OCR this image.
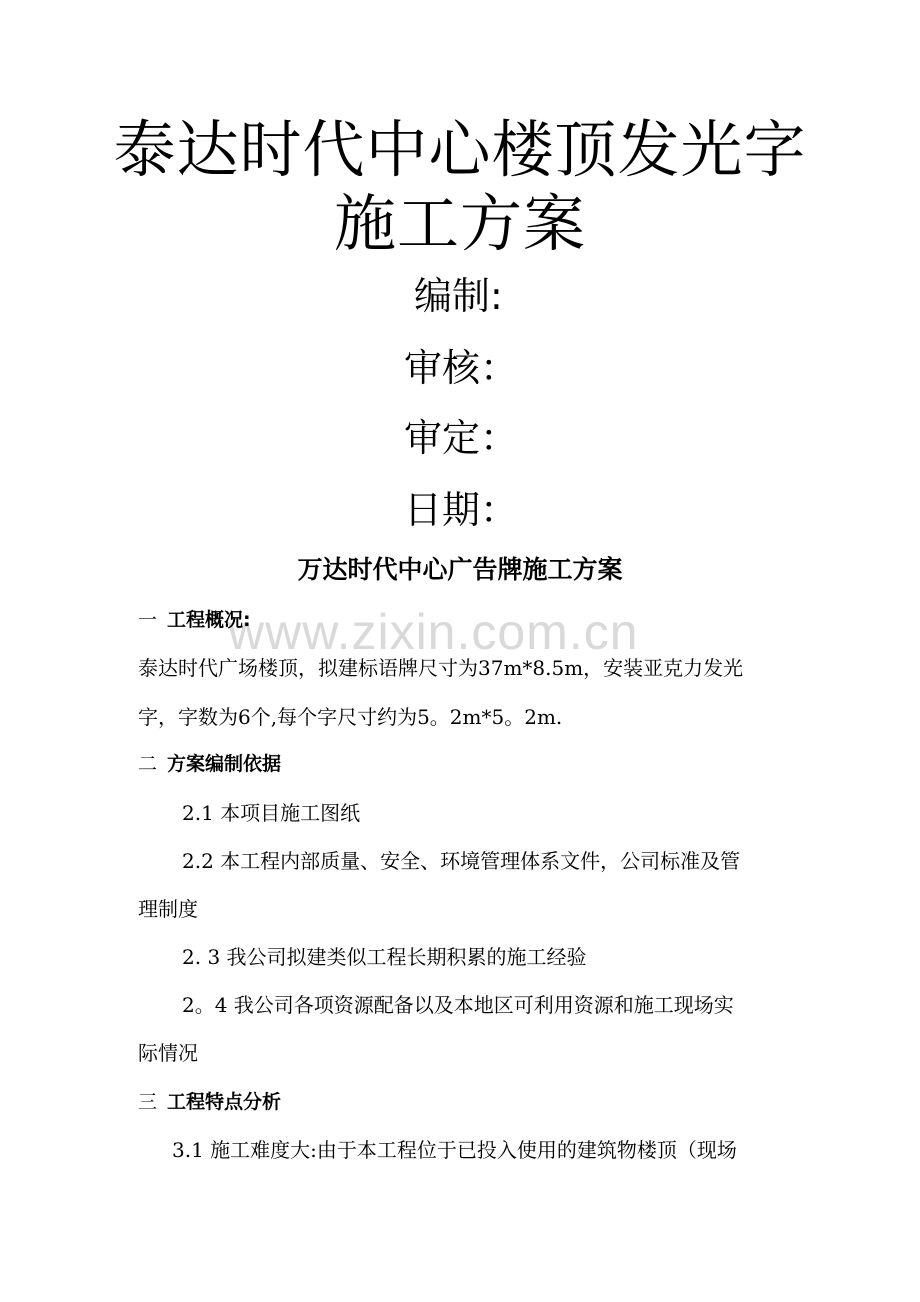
泰达时代中心楼顶发光字
施工方案
编制:
审核：
审定：
日期：
万达时代中心广告牌施工方案
www.zixin.com.cn
一 工程概况:
泰达时代广场楼顶，拟建标语牌尺寸为37m*8.5m，安装亚克力发光
字，字数为6个,每个字尺寸约为5。2m*5。2m.
二 方案编制依据
2.1 本项目施工图纸
2.2 本工程内部质量、安全、环境管理体系文件，公司标准及管
理制度
2. 3 我公司拟建类似工程长期积累的施工经验
2。4 我公司各项资源配备以及本地区可利用资源和施工现场实
际情况
三 工程特点分析
3.1 施工难度大:由于本工程位于已投入使用的建筑物楼顶（现场
